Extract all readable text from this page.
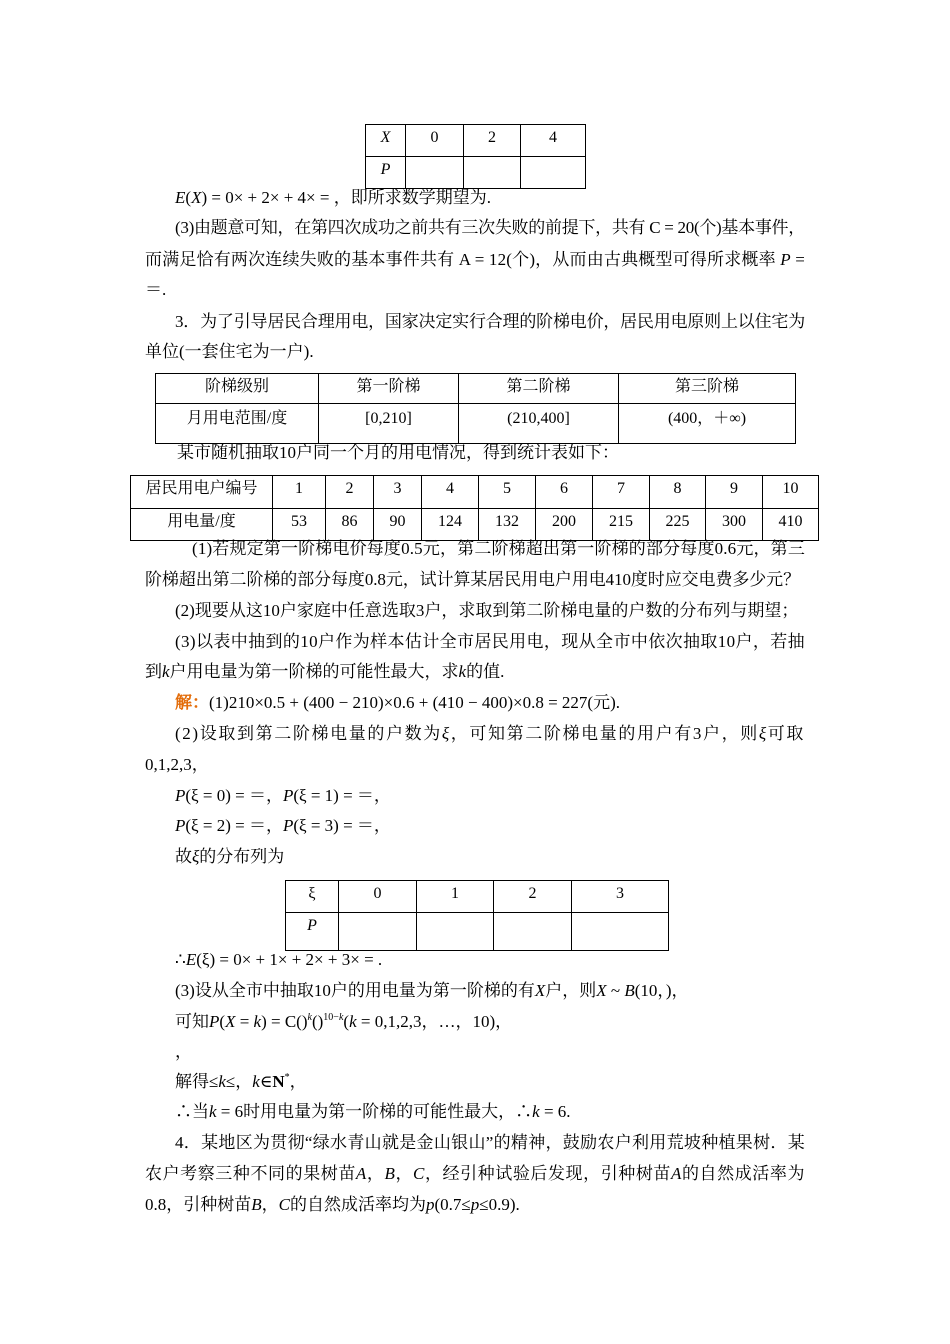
X	0	2	4
P			
E(X) = 0× + 2× + 4× = ，即所求数学期望为.
(3)由题意可知，在第四次成功之前共有三次失败的前提下，共有 C = 20(个)基本事件，
而满足恰有两次连续失败的基本事件共有 A = 12(个)，从而由古典概型可得所求概率 P =
＝.
3．为了引导居民合理用电，国家决定实行合理的阶梯电价，居民用电原则上以住宅为
单位(一套住宅为一户).
阶梯级别	第一阶梯	第二阶梯	第三阶梯
月用电范围/度	[0,210]	(210,400]	(400，＋∞)
某市随机抽取10户同一个月的用电情况，得到统计表如下：
居民用电户编号	1	2	3	4	5	6	7	8	9	10
用电量/度	53	86	90	124	132	200	215	225	300	410
(1)若规定第一阶梯电价每度0.5元，第二阶梯超出第一阶梯的部分每度0.6元，第三
阶梯超出第二阶梯的部分每度0.8元，试计算某居民用电户用电410度时应交电费多少元？
(2)现要从这10户家庭中任意选取3户，求取到第二阶梯电量的户数的分布列与期望；
(3)以表中抽到的10户作为样本估计全市居民用电，现从全市中依次抽取10户，若抽
到k户用电量为第一阶梯的可能性最大，求k的值.
解：(1)210×0.5 + (400 − 210)×0.6 + (410 − 400)×0.8 = 227(元).
(2)设取到第二阶梯电量的户数为ξ，可知第二阶梯电量的用户有3户，则ξ可取
0,1,2,3，
P(ξ = 0) = ＝，P(ξ = 1) = ＝，
P(ξ = 2) = ＝，P(ξ = 3) = ＝，
故ξ的分布列为
ξ	0	1	2	3
P				
∴E(ξ) = 0× + 1× + 2× + 3× = .
(3)设从全市中抽取10户的用电量为第一阶梯的有X户，则X ~ B(10，)，
可知P(X = k) = C()$^k$()$^{10-k}$(k = 0,1,2,3，…，10)，
，
解得≤k≤，k∈N*，
∴当k = 6时用电量为第一阶梯的可能性最大，∴k = 6.
4．某地区为贯彻“绿水青山就是金山银山”的精神，鼓励农户利用荒坡种植果树．某
农户考察三种不同的果树苗A，B，C，经引种试验后发现，引种树苗A的自然成活率为
0.8，引种树苗B，C的自然成活率均为p(0.7≤p≤0.9).
